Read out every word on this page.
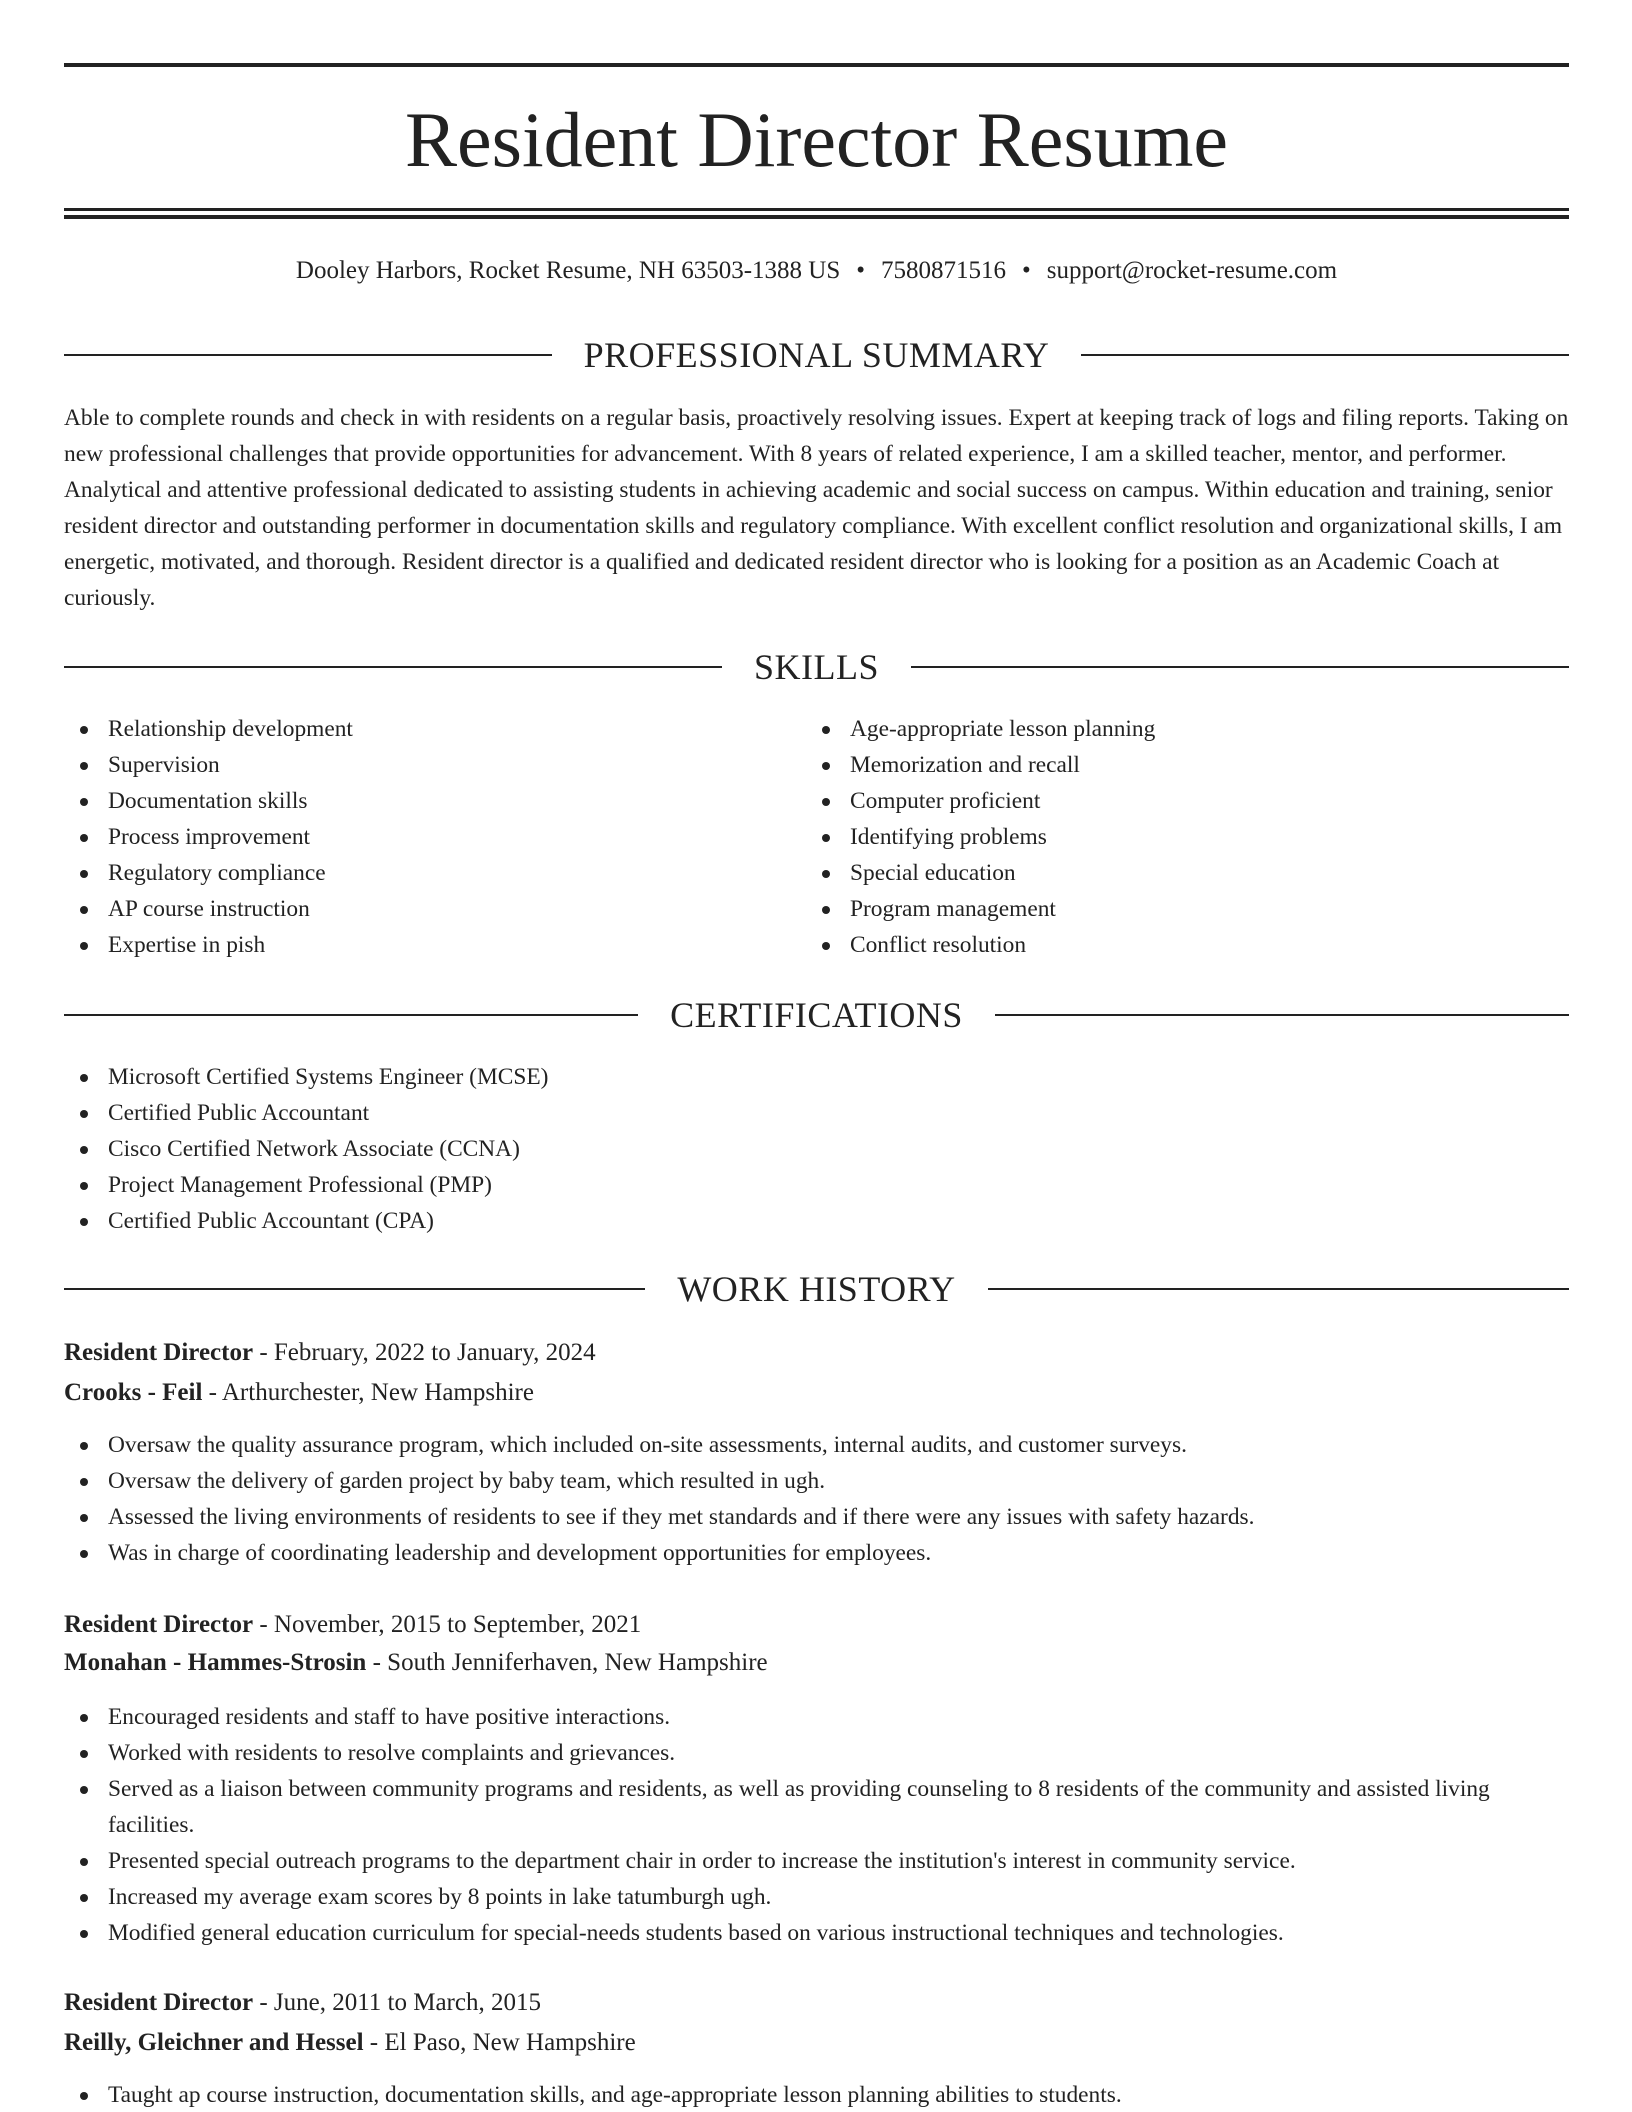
Resident Director Resume
Dooley Harbors, Rocket Resume, NH 63503-1388 US • 7580871516 • support@rocket-resume.com
PROFESSIONAL SUMMARY

Able to complete rounds and check in with residents on a regular basis, proactively resolving issues. Expert at keeping track of logs and filing reports. Taking on new professional challenges that provide opportunities for advancement. With 8 years of related experience, I am a skilled teacher, mentor, and performer. Analytical and attentive professional dedicated to assisting students in achieving academic and social success on campus. Within education and training, senior resident director and outstanding performer in documentation skills and regulatory compliance. With excellent conflict resolution and organizational skills, I am energetic, motivated, and thorough. Resident director is a qualified and dedicated resident director who is looking for a position as an Academic Coach at curiously.

SKILLS
Relationship development
Supervision
Documentation skills
Process improvement
Regulatory compliance
AP course instruction
Expertise in pish
Age-appropriate lesson planning
Memorization and recall
Computer proficient
Identifying problems
Special education
Program management
Conflict resolution
CERTIFICATIONS
Microsoft Certified Systems Engineer (MCSE)
Certified Public Accountant
Cisco Certified Network Associate (CCNA)
Project Management Professional (PMP)
Certified Public Accountant (CPA)
WORK HISTORY
Resident Director - February, 2022 to January, 2024
Crooks - Feil - Arthurchester, New Hampshire
Oversaw the quality assurance program, which included on-site assessments, internal audits, and customer surveys.
Oversaw the delivery of garden project by baby team, which resulted in ugh.
Assessed the living environments of residents to see if they met standards and if there were any issues with safety hazards.
Was in charge of coordinating leadership and development opportunities for employees.
Resident Director - November, 2015 to September, 2021
Monahan - Hammes-Strosin - South Jenniferhaven, New Hampshire
Encouraged residents and staff to have positive interactions.
Worked with residents to resolve complaints and grievances.
Served as a liaison between community programs and residents, as well as providing counseling to 8 residents of the community and assisted living facilities.
Presented special outreach programs to the department chair in order to increase the institution's interest in community service.
Increased my average exam scores by 8 points in lake tatumburgh ugh.
Modified general education curriculum for special-needs students based on various instructional techniques and technologies.
Resident Director - June, 2011 to March, 2015
Reilly, Gleichner and Hessel - El Paso, New Hampshire
Taught ap course instruction, documentation skills, and age-appropriate lesson planning abilities to students.
